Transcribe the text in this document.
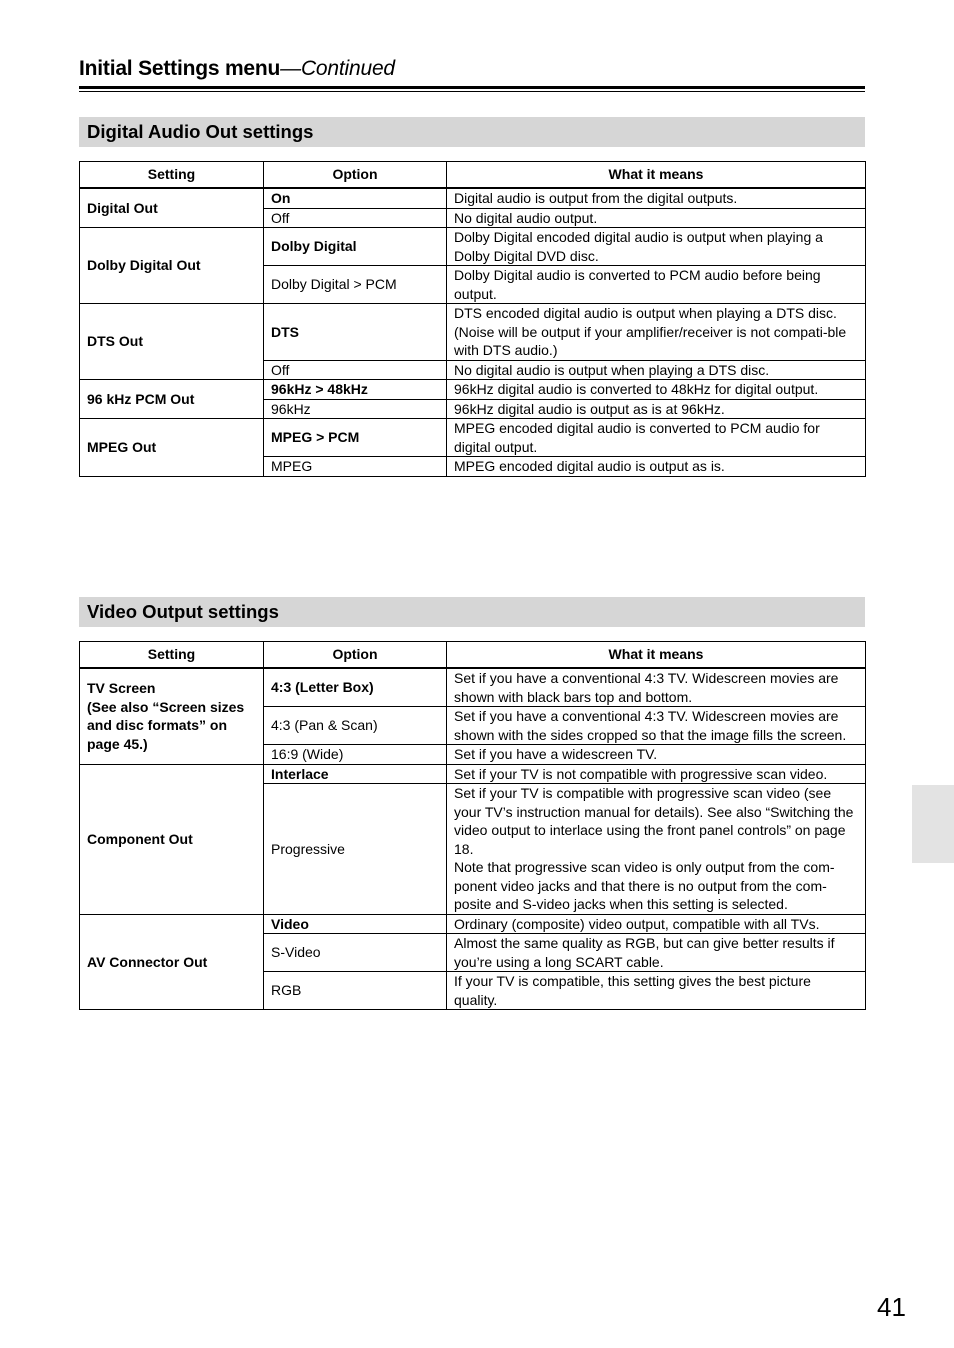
Initial Settings menu—Continued
Digital Audio Out settings
Setting	Option	What it means

Digital Out	On	Digital audio is output from the digital outputs.

	Off	No digital audio output.

Dolby Digital Out	Dolby Digital	Dolby Digital encoded digital audio is output when playing a Dolby Digital DVD disc.

	Dolby Digital > PCM	Dolby Digital audio is converted to PCM audio before being output.

DTS Out	DTS	DTS encoded digital audio is output when playing a DTS disc. (Noise will be output if your amplifier/receiver is not compati-ble with DTS audio.)

	Off	No digital audio is output when playing a DTS disc.

96 kHz PCM Out	96kHz > 48kHz	96kHz digital audio is converted to 48kHz for digital output.

	96kHz	96kHz digital audio is output as is at 96kHz.

MPEG Out	MPEG > PCM	MPEG encoded digital audio is converted to PCM audio for digital output.

	MPEG	MPEG encoded digital audio is output as is.
Video Output settings
Setting	Option	What it means

TV Screen
(See also “Screen sizes and disc formats” on page 45.)	4:3 (Letter Box)	Set if you have a conventional 4:3 TV. Widescreen movies are shown with black bars top and bottom.

	4:3 (Pan & Scan)	Set if you have a conventional 4:3 TV. Widescreen movies are shown with the sides cropped so that the image fills the screen.

	16:9 (Wide)	Set if you have a widescreen TV.

Component Out	Interlace	Set if your TV is not compatible with progressive scan video.

	Progressive	Set if your TV is compatible with progressive scan video (see your TV’s instruction manual for details). See also “Switching the video output to interlace using the front panel controls” on page 18.
Note that progressive scan video is only output from the com-ponent video jacks and that there is no output from the com-posite and S-video jacks when this setting is selected.

AV Connector Out	Video	Ordinary (composite) video output, compatible with all TVs.

	S-Video	Almost the same quality as RGB, but can give better results if you’re using a long SCART cable.

	RGB	If your TV is compatible, this setting gives the best picture quality.
41
